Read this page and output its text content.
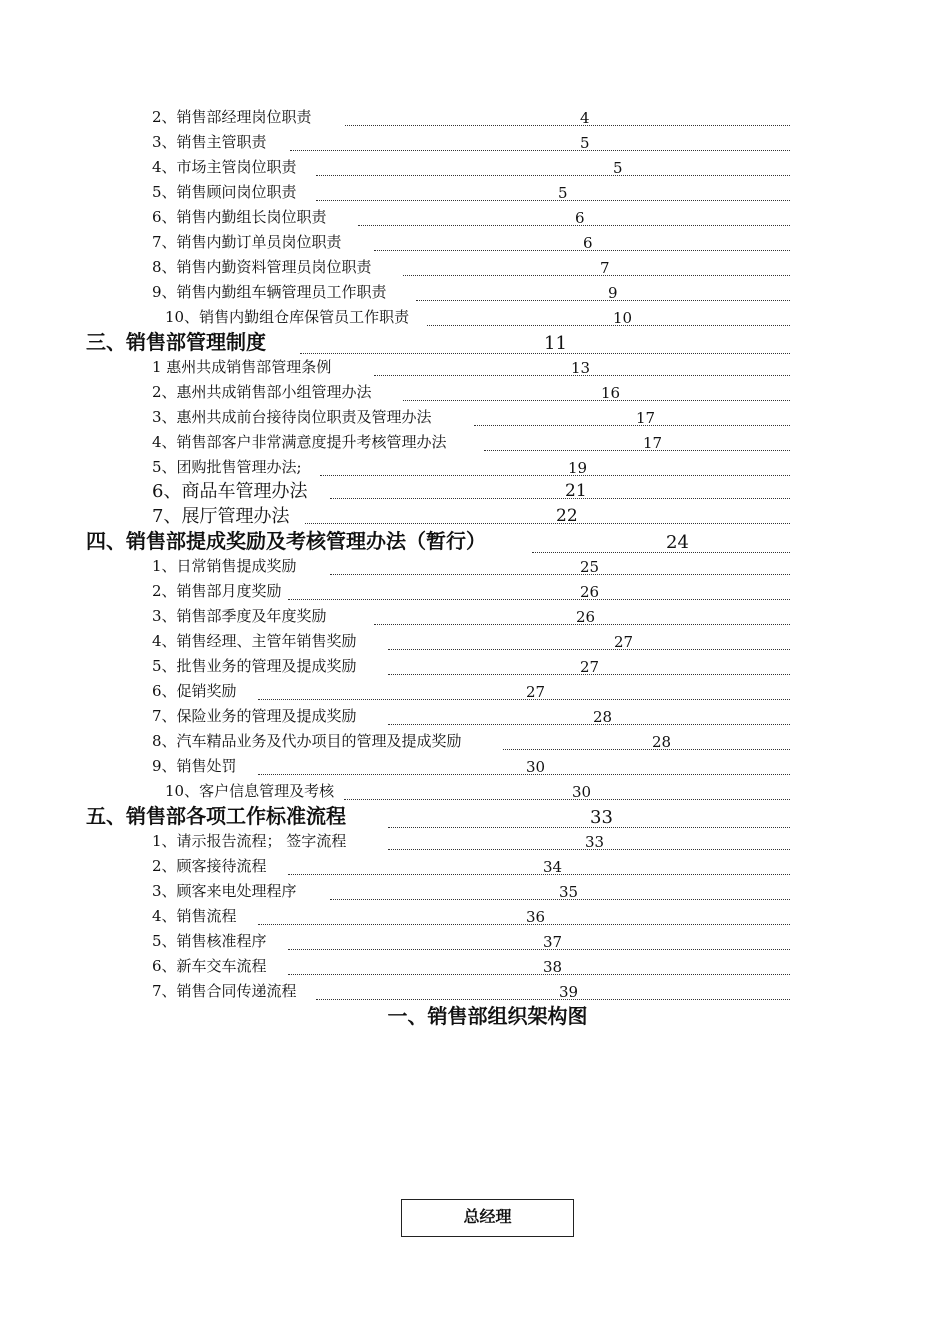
2、销售部经理岗位职责	4
3、销售主管职责	5
4、市场主管岗位职责	5
5、销售顾问岗位职责	5
6、销售内勤组长岗位职责	6
7、销售内勤订单员岗位职责	6
8、销售内勤资料管理员岗位职责	7
9、销售内勤组车辆管理员工作职责	9
10、销售内勤组仓库保管员工作职责	10
三、销售部管理制度	11
1 惠州共成销售部管理条例	13
2、惠州共成销售部小组管理办法	16
3、惠州共成前台接待岗位职责及管理办法	17
4、销售部客户非常满意度提升考核管理办法	17
5、团购批售管理办法;	19
6、商品车管理办法	21
7、展厅管理办法	22
四、销售部提成奖励及考核管理办法（暂行）	24
1、日常销售提成奖励	25
2、销售部月度奖励	26
3、销售部季度及年度奖励	26
4、销售经理、主管年销售奖励	27
5、批售业务的管理及提成奖励	27
6、促销奖励	27
7、保险业务的管理及提成奖励	28
8、汽车精品业务及代办项目的管理及提成奖励	28
9、销售处罚	30
10、客户信息管理及考核	30
五、销售部各项工作标准流程	33
1、请示报告流程； 签字流程	33
2、顾客接待流程	34
3、顾客来电处理程序	35
4、销售流程	36
5、销售核准程序	37
6、新车交车流程	38
7、销售合同传递流程	39
一、销售部组织架构图
总经理
